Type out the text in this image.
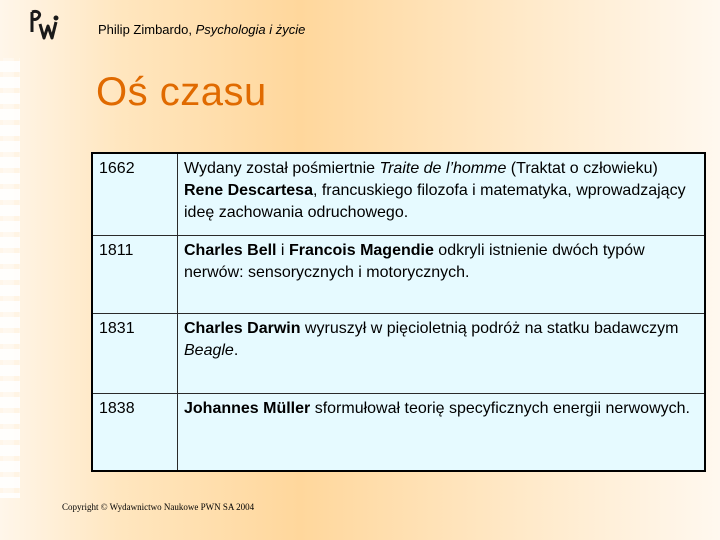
Philip Zimbardo, Psychologia i życie
Oś czasu
1662	Wydany został pośmiertnie Traite de l’homme (Traktat o człowieku) Rene Descartesa, francuskiego filozofa i matematyka, wprowadzający ideę zachowania odruchowego.
1811	Charles Bell i Francois Magendie odkryli istnienie dwóch typów nerwów: sensorycznych i motorycznych.
1831	Charles Darwin wyruszył w pięcioletnią podróż na statku badawczym Beagle.
1838	Johannes Müller sformułował teorię specyficznych energii nerwowych.
Copyright © Wydawnictwo Naukowe PWN SA 2004
